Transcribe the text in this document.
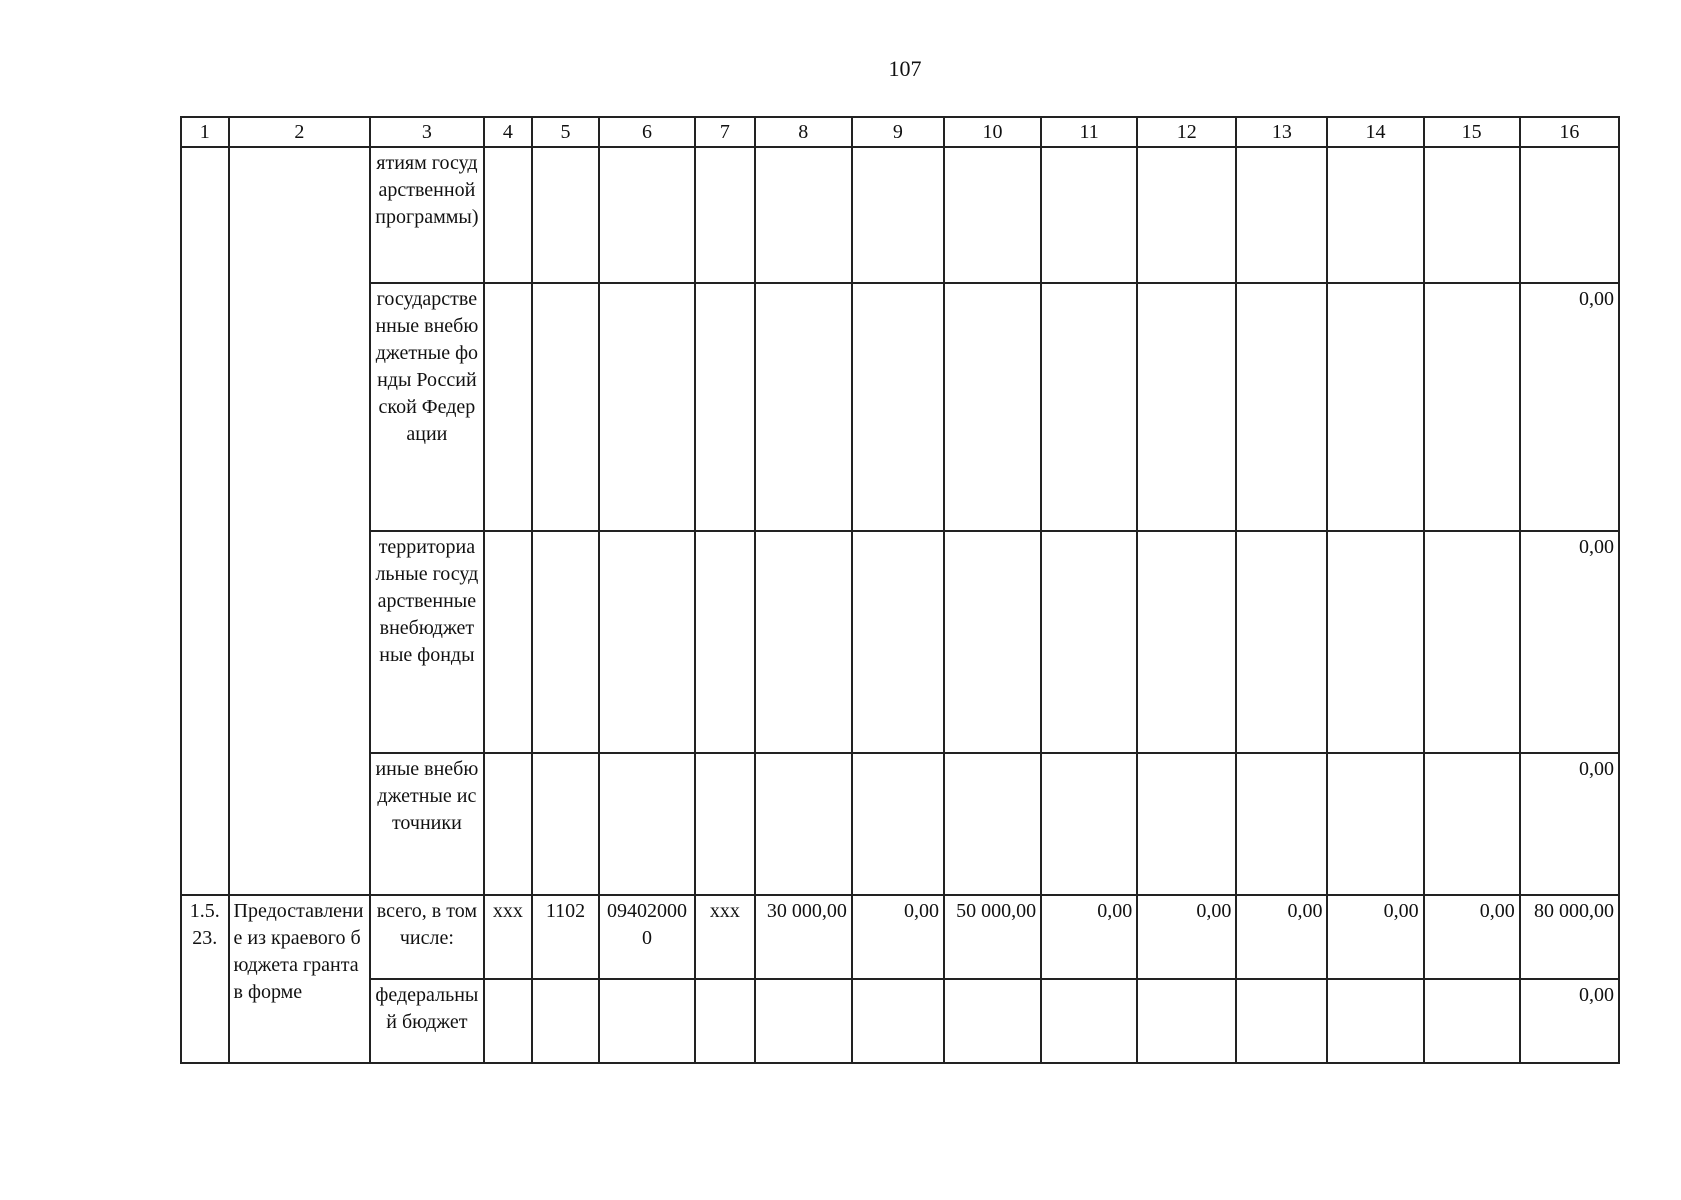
107
1	2	3	4	5	6	7	8	9	10	11	12	13	14	15	16
		ятиям государственной программы)													
		государственные внебюджетные фонды Российской Федерации													0,00
		территориальные государственные внебюджетные фонды													0,00
		иные внебюджетные источники													0,00
1.5.23.	Предоставление из краевого бюджета гранта в форме	всего, в том числе:	xxx	1102	094020000	xxx	30 000,00	0,00	50 000,00	0,00	0,00	0,00	0,00	0,00	80 000,00
		федеральный бюджет													0,00
